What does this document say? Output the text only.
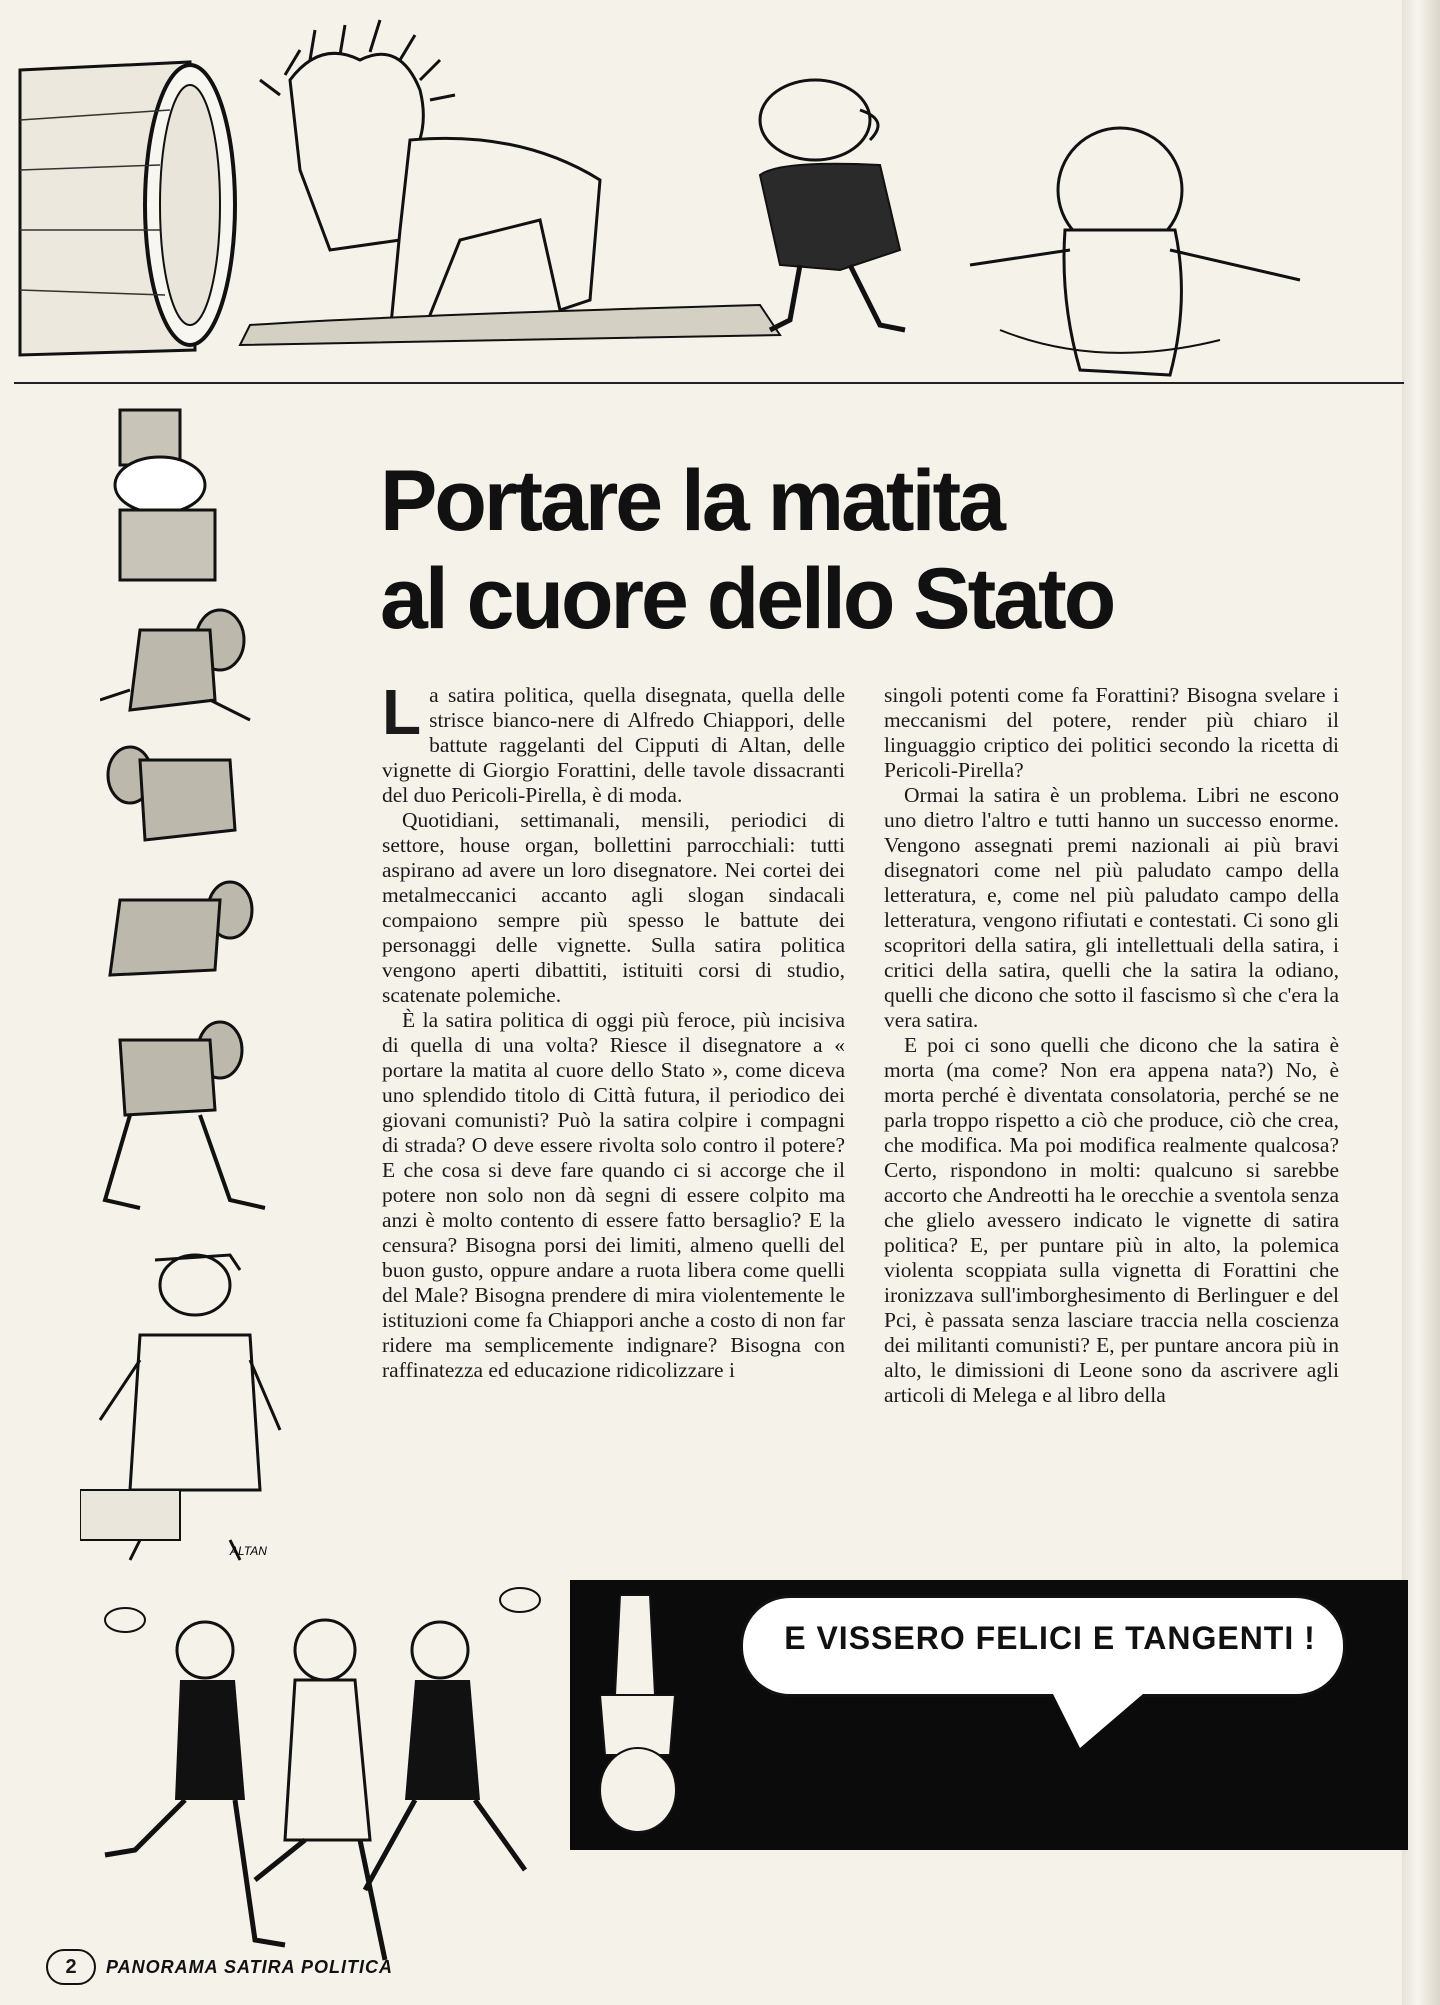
ALTAN
Portare la matita
al cuore dello Stato

La satira politica, quella disegnata, quella delle strisce bianco-nere di Alfredo Chiappori, delle battute raggelanti del Cipputi di Altan, delle vignette di Giorgio Forattini, delle tavole dissacranti del duo Pericoli-Pirella, è di moda.

Quotidiani, settimanali, mensili, periodici di settore, house organ, bollettini parrocchiali: tutti aspirano ad avere un loro disegnatore. Nei cortei dei metalmeccanici accanto agli slogan sindacali compaiono sempre più spesso le battute dei personaggi delle vignette. Sulla satira politica vengono aperti dibattiti, istituiti corsi di studio, scatenate polemiche.

È la satira politica di oggi più feroce, più incisiva di quella di una volta? Riesce il disegnatore a « portare la matita al cuore dello Stato », come diceva uno splendido titolo di Città futura, il periodico dei giovani comunisti? Può la satira colpire i compagni di strada? O deve essere rivolta solo contro il potere? E che cosa si deve fare quando ci si accorge che il potere non solo non dà segni di essere colpito ma anzi è molto contento di essere fatto bersaglio? E la censura? Bisogna porsi dei limiti, almeno quelli del buon gusto, oppure andare a ruota libera come quelli del Male? Bisogna prendere di mira violentemente le istituzioni come fa Chiappori anche a costo di non far ridere ma semplicemente indignare? Bisogna con raffinatezza ed educazione ridicolizzare i

singoli potenti come fa Forattini? Bisogna svelare i meccanismi del potere, render più chiaro il linguaggio criptico dei politici secondo la ricetta di Pericoli-Pirella?

Ormai la satira è un problema. Libri ne escono uno dietro l'altro e tutti hanno un successo enorme. Vengono assegnati premi nazionali ai più bravi disegnatori come nel più paludato campo della letteratura, e, come nel più paludato campo della letteratura, vengono rifiutati e contestati. Ci sono gli scopritori della satira, gli intellettuali della satira, i critici della satira, quelli che la satira la odiano, quelli che dicono che sotto il fascismo sì che c'era la vera satira.

E poi ci sono quelli che dicono che la satira è morta (ma come? Non era appena nata?) No, è morta perché è diventata consolatoria, perché se ne parla troppo rispetto a ciò che produce, ciò che crea, che modifica. Ma poi modifica realmente qualcosa? Certo, rispondono in molti: qualcuno si sarebbe accorto che Andreotti ha le orecchie a sventola senza che glielo avessero indicato le vignette di satira politica? E, per puntare più in alto, la polemica violenta scoppiata sulla vignetta di Forattini che ironizzava sull'imborghesimento di Berlinguer e del Pci, è passata senza lasciare traccia nella coscienza dei militanti comunisti? E, per puntare ancora più in alto, le dimissioni di Leone sono da ascrivere agli articoli di Melega e al libro della

E VISSERO FELICI E TANGENTI !
2	PANORAMA SATIRA POLITICA
